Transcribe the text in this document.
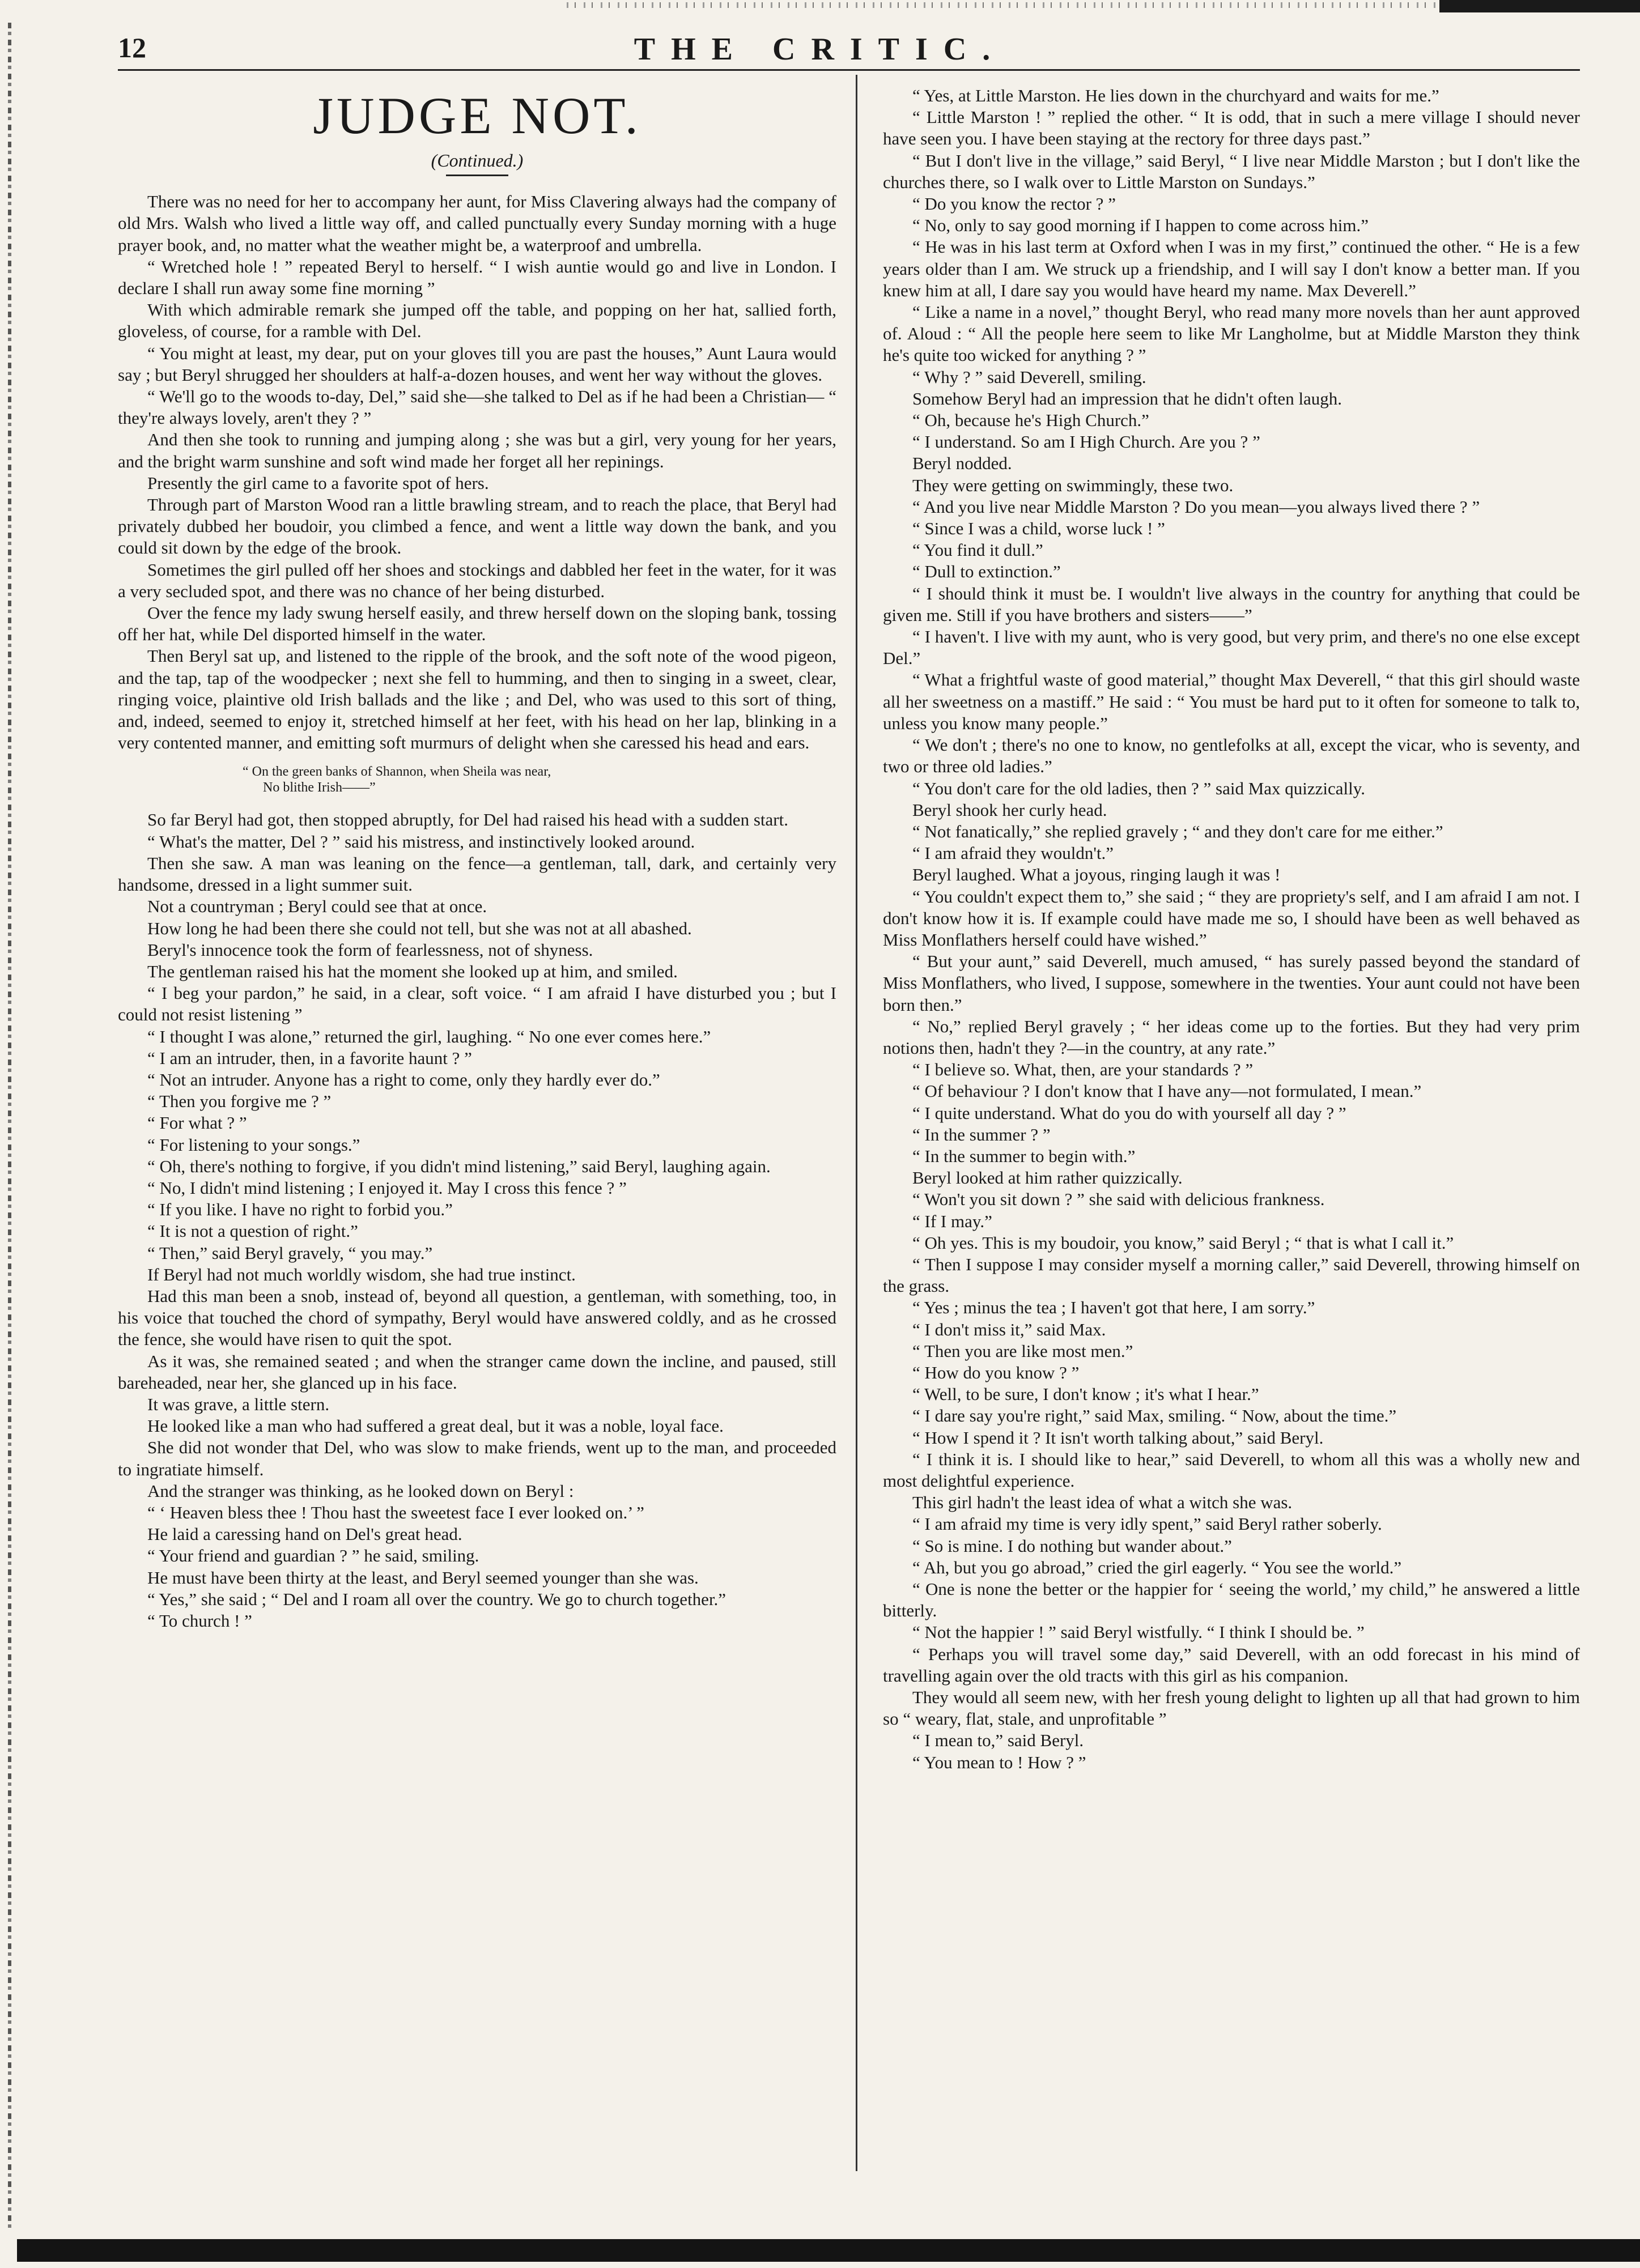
12	THE CRITIC.
JUDGE NOT.
(Continued.)

There was no need for her to accompany her aunt, for Miss Clavering always had the company of old Mrs. Walsh who lived a little way off, and called punctually every Sunday morning with a huge prayer book, and, no matter what the weather might be, a waterproof and umbrella.

“ Wretched hole ! ” repeated Beryl to herself. “ I wish auntie would go and live in London. I declare I shall run away some fine morning ”

With which admirable remark she jumped off the table, and popping on her hat, sallied forth, gloveless, of course, for a ramble with Del.

“ You might at least, my dear, put on your gloves till you are past the houses,” Aunt Laura would say ; but Beryl shrugged her shoulders at half-a-dozen houses, and went her way without the gloves.

“ We'll go to the woods to-day, Del,” said she—she talked to Del as if he had been a Christian— “ they're always lovely, aren't they ? ”

And then she took to running and jumping along ; she was but a girl, very young for her years, and the bright warm sunshine and soft wind made her forget all her repinings.

Presently the girl came to a favorite spot of hers.

Through part of Marston Wood ran a little brawling stream, and to reach the place, that Beryl had privately dubbed her boudoir, you climbed a fence, and went a little way down the bank, and you could sit down by the edge of the brook.

Sometimes the girl pulled off her shoes and stockings and dabbled her feet in the water, for it was a very secluded spot, and there was no chance of her being disturbed.

Over the fence my lady swung herself easily, and threw herself down on the sloping bank, tossing off her hat, while Del disported himself in the water.

Then Beryl sat up, and listened to the ripple of the brook, and the soft note of the wood pigeon, and the tap, tap of the woodpecker ; next she fell to humming, and then to singing in a sweet, clear, ringing voice, plaintive old Irish ballads and the like ; and Del, who was used to this sort of thing, and, indeed, seemed to enjoy it, stretched himself at her feet, with his head on her lap, blinking in a very contented manner, and emitting soft murmurs of delight when she caressed his head and ears.

“ On the green banks of Shannon, when Sheila was near,
No blithe Irish——”

So far Beryl had got, then stopped abruptly, for Del had raised his head with a sudden start.

“ What's the matter, Del ? ” said his mistress, and instinctively looked around.

Then she saw. A man was leaning on the fence—a gentleman, tall, dark, and certainly very handsome, dressed in a light summer suit.

Not a countryman ; Beryl could see that at once.

How long he had been there she could not tell, but she was not at all abashed.

Beryl's innocence took the form of fearlessness, not of shyness.

The gentleman raised his hat the moment she looked up at him, and smiled.

“ I beg your pardon,” he said, in a clear, soft voice. “ I am afraid I have disturbed you ; but I could not resist listening ”

“ I thought I was alone,” returned the girl, laughing. “ No one ever comes here.”

“ I am an intruder, then, in a favorite haunt ? ”

“ Not an intruder. Anyone has a right to come, only they hardly ever do.”

“ Then you forgive me ? ”

“ For what ? ”

“ For listening to your songs.”

“ Oh, there's nothing to forgive, if you didn't mind listening,” said Beryl, laughing again.

“ No, I didn't mind listening ; I enjoyed it. May I cross this fence ? ”

“ If you like. I have no right to forbid you.”

“ It is not a question of right.”

“ Then,” said Beryl gravely, “ you may.”

If Beryl had not much worldly wisdom, she had true instinct.

Had this man been a snob, instead of, beyond all question, a gentleman, with something, too, in his voice that touched the chord of sympathy, Beryl would have answered coldly, and as he crossed the fence, she would have risen to quit the spot.

As it was, she remained seated ; and when the stranger came down the incline, and paused, still bareheaded, near her, she glanced up in his face.

It was grave, a little stern.

He looked like a man who had suffered a great deal, but it was a noble, loyal face.

She did not wonder that Del, who was slow to make friends, went up to the man, and proceeded to ingratiate himself.

And the stranger was thinking, as he looked down on Beryl :

“ ‘ Heaven bless thee ! Thou hast the sweetest face I ever looked on.’ ”

He laid a caressing hand on Del's great head.

“ Your friend and guardian ? ” he said, smiling.

He must have been thirty at the least, and Beryl seemed younger than she was.

“ Yes,” she said ; “ Del and I roam all over the country. We go to church together.”

“ To church ! ”

“ Yes, at Little Marston. He lies down in the churchyard and waits for me.”

“ Little Marston ! ” replied the other. “ It is odd, that in such a mere village I should never have seen you. I have been staying at the rectory for three days past.”

“ But I don't live in the village,” said Beryl, “ I live near Middle Marston ; but I don't like the churches there, so I walk over to Little Marston on Sundays.”

“ Do you know the rector ? ”

“ No, only to say good morning if I happen to come across him.”

“ He was in his last term at Oxford when I was in my first,” continued the other. “ He is a few years older than I am. We struck up a friendship, and I will say I don't know a better man. If you knew him at all, I dare say you would have heard my name. Max Deverell.”

“ Like a name in a novel,” thought Beryl, who read many more novels than her aunt approved of. Aloud : “ All the people here seem to like Mr Langholme, but at Middle Marston they think he's quite too wicked for anything ? ”

“ Why ? ” said Deverell, smiling.

Somehow Beryl had an impression that he didn't often laugh.

“ Oh, because he's High Church.”

“ I understand. So am I High Church. Are you ? ”

Beryl nodded.

They were getting on swimmingly, these two.

“ And you live near Middle Marston ? Do you mean—you always lived there ? ”

“ Since I was a child, worse luck ! ”

“ You find it dull.”

“ Dull to extinction.”

“ I should think it must be. I wouldn't live always in the country for anything that could be given me. Still if you have brothers and sisters——”

“ I haven't. I live with my aunt, who is very good, but very prim, and there's no one else except Del.”

“ What a frightful waste of good material,” thought Max Deverell, “ that this girl should waste all her sweetness on a mastiff.” He said : “ You must be hard put to it often for someone to talk to, unless you know many people.”

“ We don't ; there's no one to know, no gentlefolks at all, except the vicar, who is seventy, and two or three old ladies.”

“ You don't care for the old ladies, then ? ” said Max quizzically.

Beryl shook her curly head.

“ Not fanatically,” she replied gravely ; “ and they don't care for me either.”

“ I am afraid they wouldn't.”

Beryl laughed. What a joyous, ringing laugh it was !

“ You couldn't expect them to,” she said ; “ they are propriety's self, and I am afraid I am not. I don't know how it is. If example could have made me so, I should have been as well behaved as Miss Monflathers herself could have wished.”

“ But your aunt,” said Deverell, much amused, “ has surely passed beyond the standard of Miss Monflathers, who lived, I suppose, somewhere in the twenties. Your aunt could not have been born then.”

“ No,” replied Beryl gravely ; “ her ideas come up to the forties. But they had very prim notions then, hadn't they ?—in the country, at any rate.”

“ I believe so. What, then, are your standards ? ”

“ Of behaviour ? I don't know that I have any—not formulated, I mean.”

“ I quite understand. What do you do with yourself all day ? ”

“ In the summer ? ”

“ In the summer to begin with.”

Beryl looked at him rather quizzically.

“ Won't you sit down ? ” she said with delicious frankness.

“ If I may.”

“ Oh yes. This is my boudoir, you know,” said Beryl ; “ that is what I call it.”

“ Then I suppose I may consider myself a morning caller,” said Deverell, throwing himself on the grass.

“ Yes ; minus the tea ; I haven't got that here, I am sorry.”

“ I don't miss it,” said Max.

“ Then you are like most men.”

“ How do you know ? ”

“ Well, to be sure, I don't know ; it's what I hear.”

“ I dare say you're right,” said Max, smiling. “ Now, about the time.”

“ How I spend it ? It isn't worth talking about,” said Beryl.

“ I think it is. I should like to hear,” said Deverell, to whom all this was a wholly new and most delightful experience.

This girl hadn't the least idea of what a witch she was.

“ I am afraid my time is very idly spent,” said Beryl rather soberly.

“ So is mine. I do nothing but wander about.”

“ Ah, but you go abroad,” cried the girl eagerly. “ You see the world.”

“ One is none the better or the happier for ‘ seeing the world,’ my child,” he answered a little bitterly.

“ Not the happier ! ” said Beryl wistfully. “ I think I should be. ”

“ Perhaps you will travel some day,” said Deverell, with an odd forecast in his mind of travelling again over the old tracts with this girl as his companion.

They would all seem new, with her fresh young delight to lighten up all that had grown to him so “ weary, flat, stale, and unprofitable ”

“ I mean to,” said Beryl.

“ You mean to ! How ? ”
